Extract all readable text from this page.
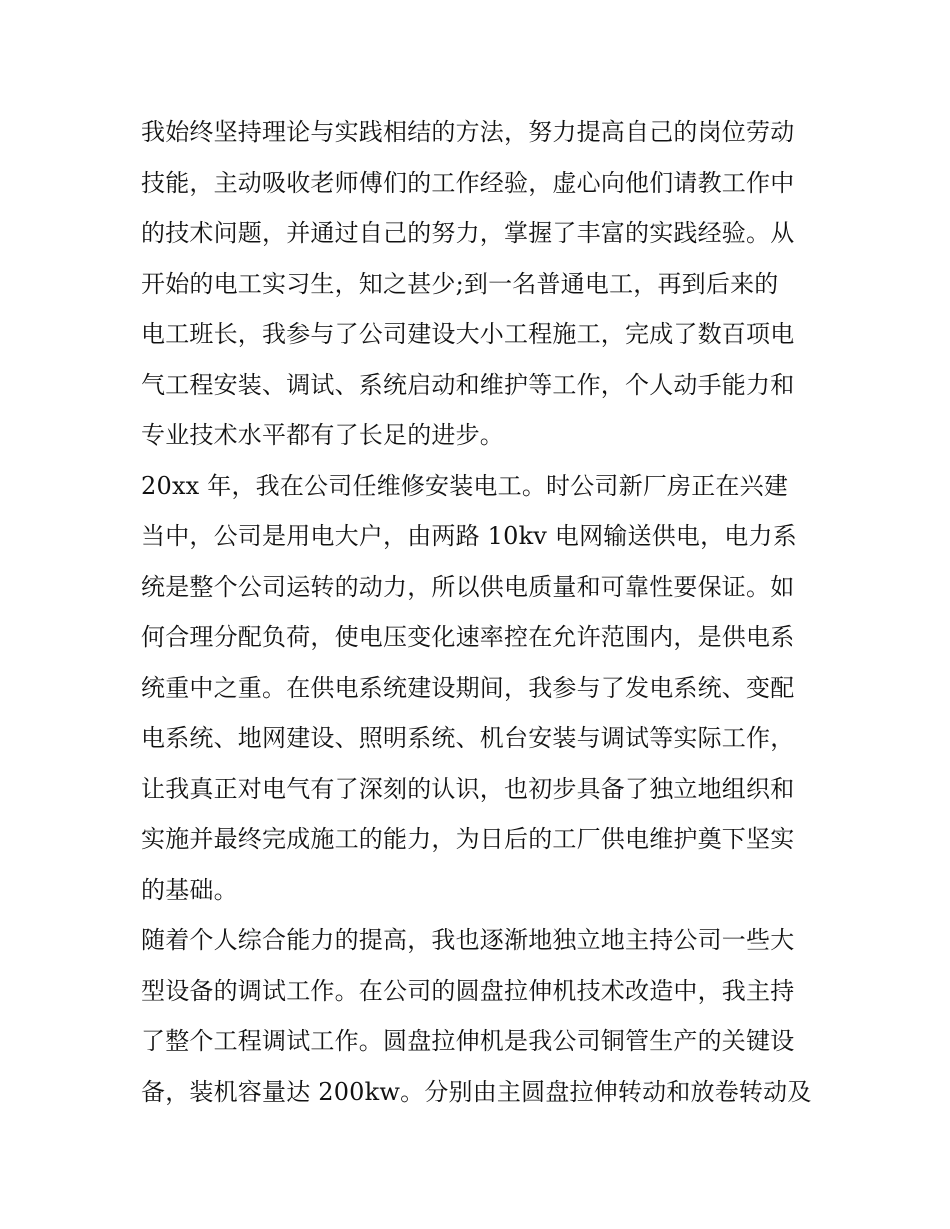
我始终坚持理论与实践相结的方法，努力提高自己的岗位劳动
技能，主动吸收老师傅们的工作经验，虚心向他们请教工作中
的技术问题，并通过自己的努力，掌握了丰富的实践经验。从
开始的电工实习生，知之甚少;到一名普通电工，再到后来的
电工班长，我参与了公司建设大小工程施工，完成了数百项电
气工程安装、调试、系统启动和维护等工作，个人动手能力和
专业技术水平都有了长足的进步。
20xx 年，我在公司任维修安装电工。时公司新厂房正在兴建
当中，公司是用电大户，由两路 10kv 电网输送供电，电力系
统是整个公司运转的动力，所以供电质量和可靠性要保证。如
何合理分配负荷，使电压变化速率控在允许范围内，是供电系
统重中之重。在供电系统建设期间，我参与了发电系统、变配
电系统、地网建设、照明系统、机台安装与调试等实际工作，
让我真正对电气有了深刻的认识，也初步具备了独立地组织和
实施并最终完成施工的能力，为日后的工厂供电维护奠下坚实
的基础。
随着个人综合能力的提高，我也逐渐地独立地主持公司一些大
型设备的调试工作。在公司的圆盘拉伸机技术改造中，我主持
了整个工程调试工作。圆盘拉伸机是我公司铜管生产的关键设
备，装机容量达 200kw。分别由主圆盘拉伸转动和放卷转动及
